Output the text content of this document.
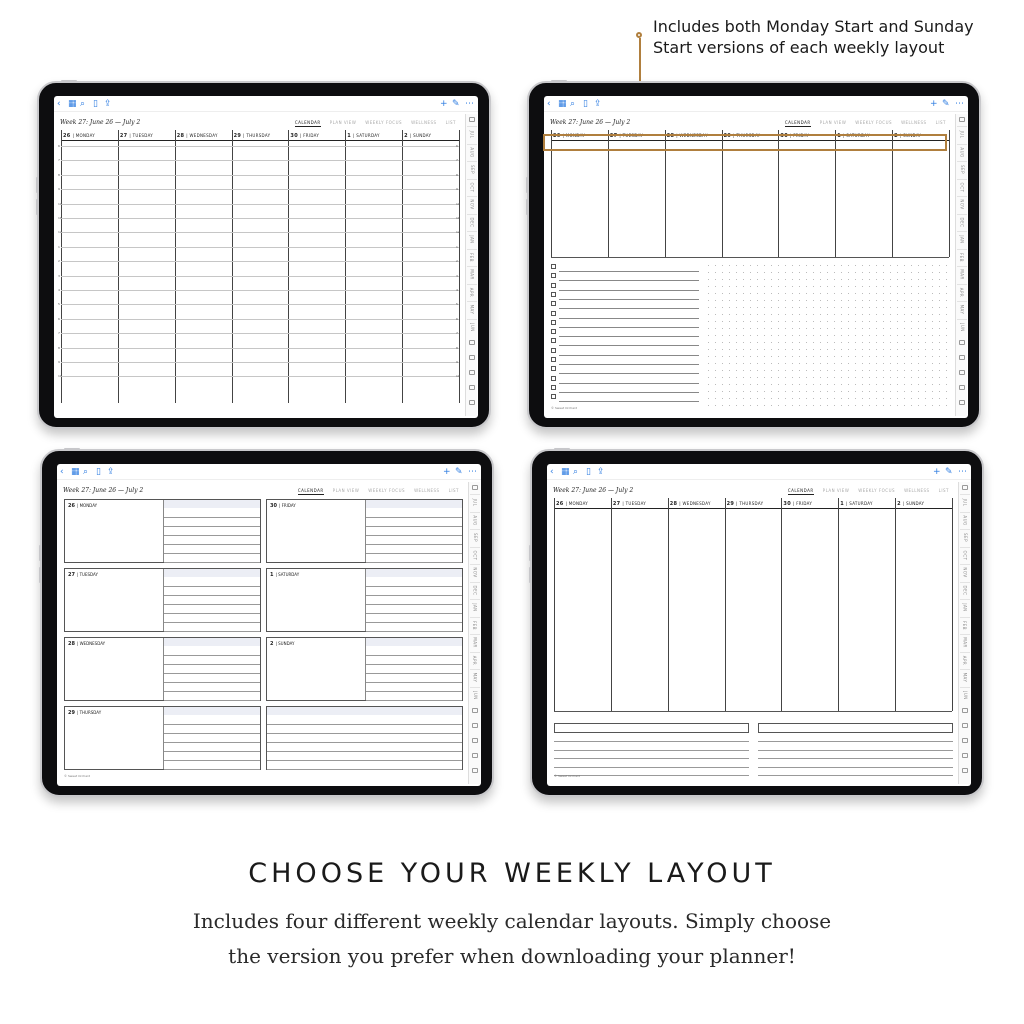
Includes both Monday Start and Sunday
Start versions of each weekly layout
‹ ▦ ⌕ ▯ ⇪	+ ✎ ⋯
Week 27: June 26 — July 2	CALENDAR PLAN VIEW WEEKLY FOCUS WELLNESS LIST
26 | MONDAY	27 | TUESDAY	28 | WEDNESDAY	29 | THURSDAY	30 | FRIDAY	1 | SATURDAY	2 | SUNDAY
6	6
7	7
8	8
9	9
10	10
11	11
12	12
1	1
2	2
3	3
4	4
5	5
6	6
7	7
8	8
9	9
10	10
JUL
AUG
SEP
OCT
NOV
DEC
JAN
FEB
MAR
APR
MAY
JUN
‹ ▦ ⌕ ▯ ⇪	+ ✎ ⋯
Week 27: June 26 — July 2	CALENDAR PLAN VIEW WEEKLY FOCUS WELLNESS LIST
26 | MONDAY	27 | TUESDAY	28 | WEDNESDAY	29 | THURSDAY	30 | FRIDAY	1 | SATURDAY	2 | SUNDAY
© Sweet Orchard
JUL
AUG
SEP
OCT
NOV
DEC
JAN
FEB
MAR
APR
MAY
JUN
‹ ▦ ⌕ ▯ ⇪	+ ✎ ⋯
Week 27: June 26 — July 2	CALENDAR PLAN VIEW WEEKLY FOCUS WELLNESS LIST
26 | MONDAY
27 | TUESDAY
28 | WEDNESDAY
29 | THURSDAY
30 | FRIDAY
1 | SATURDAY
2 | SUNDAY
© Sweet Orchard
JUL
AUG
SEP
OCT
NOV
DEC
JAN
FEB
MAR
APR
MAY
JUN
‹ ▦ ⌕ ▯ ⇪	+ ✎ ⋯
Week 27: June 26 — July 2	CALENDAR PLAN VIEW WEEKLY FOCUS WELLNESS LIST
26 | MONDAY	27 | TUESDAY	28 | WEDNESDAY	29 | THURSDAY	30 | FRIDAY	1 | SATURDAY	2 | SUNDAY
© Sweet Orchard
JUL
AUG
SEP
OCT
NOV
DEC
JAN
FEB
MAR
APR
MAY
JUN
CHOOSE YOUR WEEKLY LAYOUT
Includes four different weekly calendar layouts. Simply choose
the version you prefer when downloading your planner!
